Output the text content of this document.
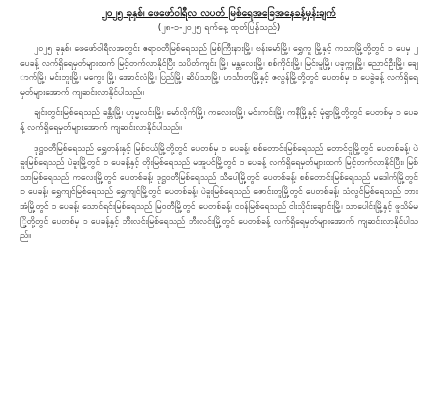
၂၀၂၅ ခုနှစ်၊ ဖေဖော်ဝါရီလ လပတ် မြစ်ရေအခြေအနေခန့်မှန်းချက်
(၂၈-၁-၂၀၂၅ ရက်နေ့ ထုတ်ပြန်သည်)

၂၀၂၅ ခုနှစ်၊ ဖေဖော်ဝါရီလအတွင်း ဧရာဝတီမြစ်ရေသည် မြစ်ကြီးနားမြို့၊ ဗန်းမော်မြို့၊ ရွှေကူ မြို့နှင့် ကသာမြို့တို့တွင် ၁ ပေမှ ၂ ပေခန့် လက်ရှိရေမှတ်များထက် မြင့်တက်လာနိုင်ပြီး သပိတ်ကျင်း မြို့၊ မန္တလေးမြို့၊ စစ်ကိုင်းမြို့၊ မြင်းမူမြို့၊ ပခုက္ကူမြို့၊ ညောင်ဦးမြို့၊ ချောက်မြို့၊ မင်းဘူးမြို့၊ မကွေး မြို့၊ အောင်လံမြို့၊ ပြည်မြို့၊ ဆိပ်သာမြို့၊ ဟင်္သာတမြို့နှင့် ဇလွန်မြို့တို့တွင် ပေတစ်မှ ၁ ပေခွဲခန့် လက်ရှိရေမှတ်များအောက် ကျဆင်းလာနိုင်ပါသည်။

ချင်းတွင်းမြစ်ရေသည် ခန္တီးမြို့၊ ဟုမ္မလင်းမြို့၊ မော်လိုက်မြို့၊ ကလေးဝမြို့၊ မင်းကင်းမြို့၊ ကနီမြို့နှင့် မုံရွာမြို့တို့တွင် ပေတစ်မှ ၁ ပေခန့် လက်ရှိရေမှတ်များအောက် ကျဆင်းလာနိုင်ပါသည်။

ဒုဋ္ဌဝတီမြစ်ရေသည် ရွှေတန်းနှင့် မြစ်ငယ်မြို့တို့တွင် ပေတစ်မှ ၁ ပေခန့်၊ စစ်တောင်းမြစ်ရေသည် တောင်ငူမြို့တွင် ပေတစ်ခန့်၊ ပဲခူးမြစ်ရေသည် ပဲခူးမြို့တွင် ၁ ပေခန့်နှင့် တိုးမြစ်ရေသည် မအူပင်မြို့တွင် ၁ ပေခန့် လက်ရှိရေမှတ်များထက် မြင့်တက်လာနိုင်ပြီး၊ မြစ်သာမြစ်ရေသည် ကလေးမြို့တွင် ပေတစ်ခန့်၊ ဒုဋ္ဌဝတီမြစ်ရေသည် သီပေါမြို့တွင် ပေတစ်ခန့်၊ စစ်တောင်းမြစ်ရေသည် မဒေါက်မြို့တွင် ၁ ပေခန့်၊ ရွှေကျင်မြစ်ရေသည် ရွှေကျင်မြို့တွင် ပေတစ်ခန့်၊ ပဲခူးမြစ်ရေသည် ဇောင်းတူမြို့တွင် ပေတစ်ခန့်၊ သံလွင်မြစ်ရေသည် ဘားအံမြို့တွင် ၁ ပေခန့်၊ သောင်ရင်းမြစ်ရေသည် မြဝတီမြို့တွင် ပေတစ်ခန့်၊ ငဝန်မြစ်ရေသည် ငါးသိုင်းချောင်းမြို့၊ သာပေါင်းမြို့နှင့် ဖူသိမ်မြို့တို့တွင် ပေတစ်မှ ၁ ပေခန့်နှင့် ဘီးလင်းမြစ်ရေသည် ဘီးလင်းမြို့တွင် ပေတစ်ခန့် လက်ရှိရေမှတ်များအောက် ကျဆင်းလာနိုင်ပါသည်။
